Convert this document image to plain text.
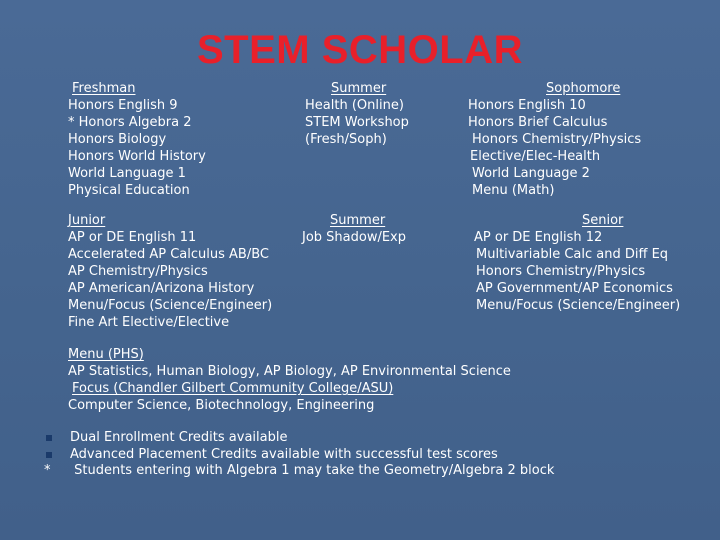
STEM SCHOLAR
Freshman
Honors English 9
* Honors Algebra 2
Honors Biology
Honors World History
World Language 1
Physical Education
Summer
Health (Online)
STEM Workshop
(Fresh/Soph)
Sophomore
Honors English 10
Honors Brief Calculus
Honors Chemistry/Physics
Elective/Elec-Health
World Language 2
Menu (Math)
Junior
AP or DE English 11
Accelerated AP Calculus AB/BC
AP Chemistry/Physics
AP American/Arizona History
Menu/Focus (Science/Engineer)
Fine Art Elective/Elective
Summer
Job Shadow/Exp
Senior
AP or DE English 12
Multivariable Calc and Diff Eq
Honors Chemistry/Physics
AP Government/AP Economics
Menu/Focus (Science/Engineer)
Menu (PHS)
AP Statistics, Human Biology, AP Biology, AP Environmental Science
Focus (Chandler Gilbert Community College/ASU)
Computer Science, Biotechnology, Engineering
Dual Enrollment Credits available
Advanced Placement Credits available with successful test scores
* Students entering with Algebra 1 may take the Geometry/Algebra 2 block
